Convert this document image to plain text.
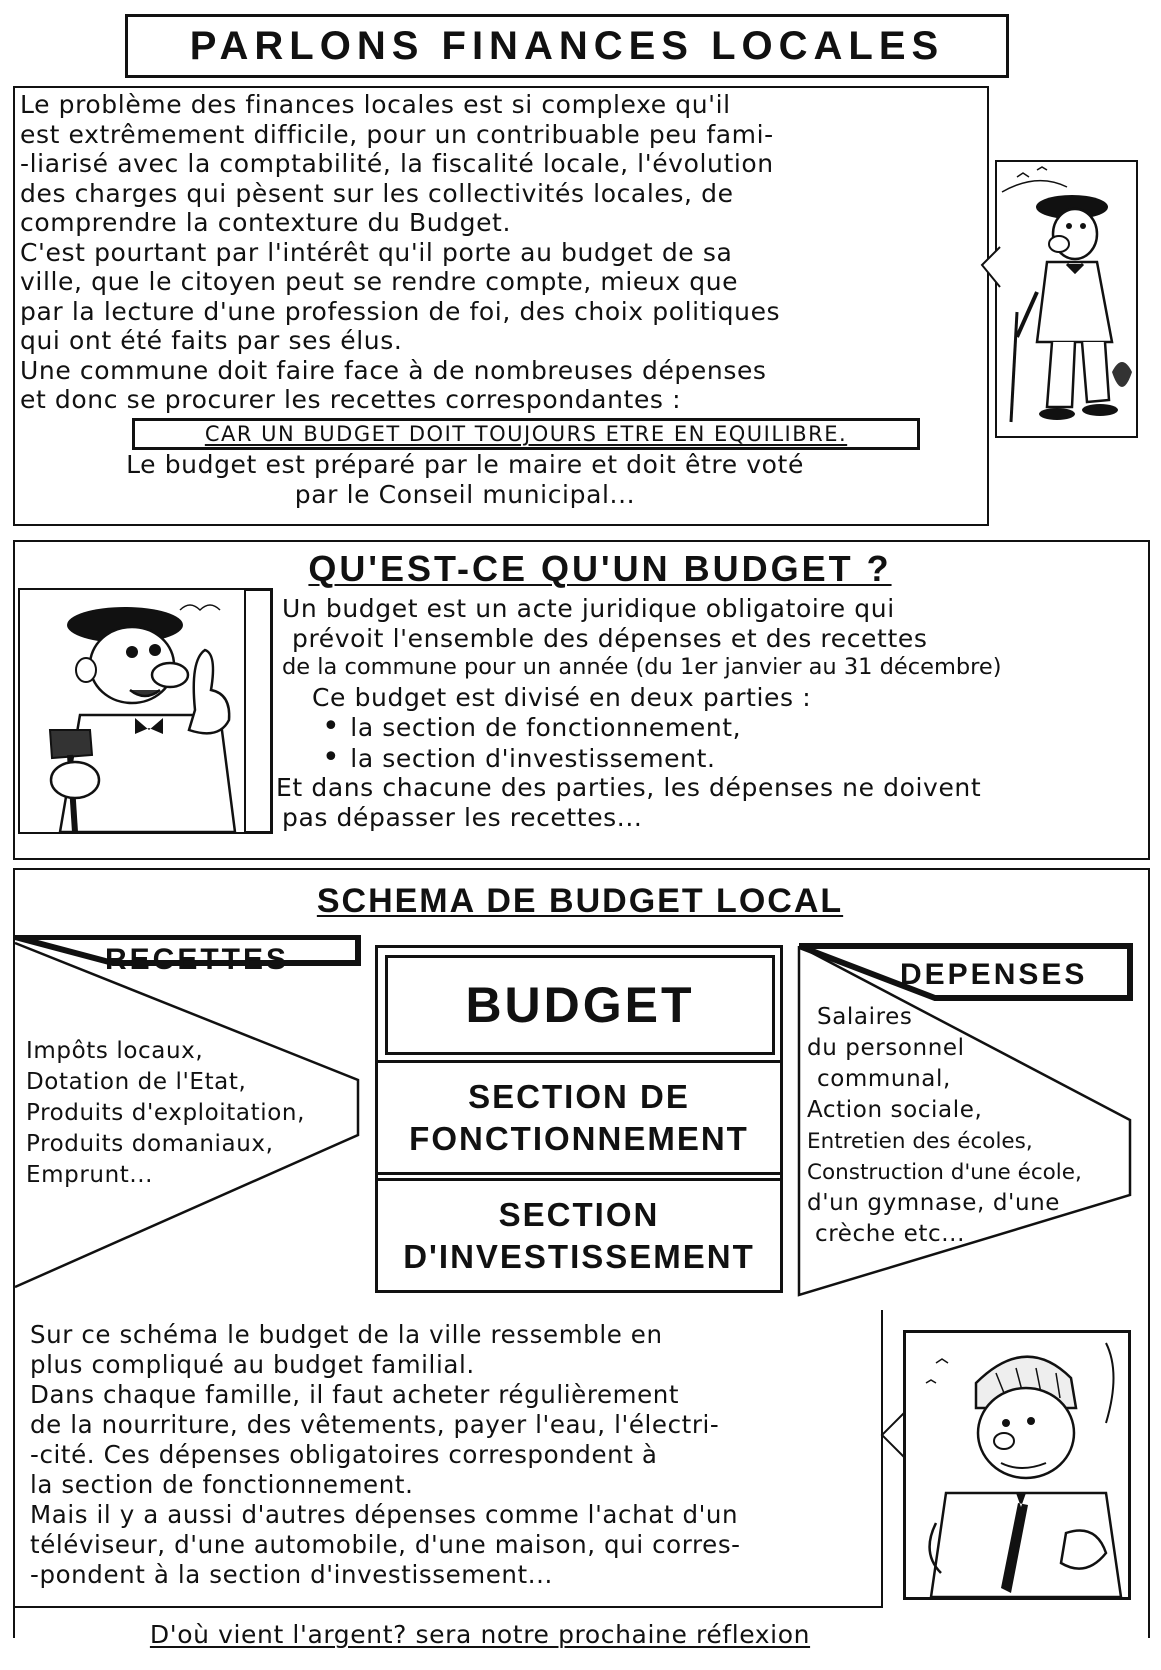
PARLONS FINANCES LOCALES
Le problème des finances locales est si complexe qu'il
est extrêmement difficile, pour un contribuable peu fami-
-liarisé avec la comptabilité, la fiscalité locale, l'évolution
des charges qui pèsent sur les collectivités locales, de
comprendre la contexture du Budget.
C'est pourtant par l'intérêt qu'il porte au budget de sa
ville, que le citoyen peut se rendre compte, mieux que
par la lecture d'une profession de foi, des choix politiques
qui ont été faits par ses élus.
Une commune doit faire face à de nombreuses dépenses
et donc se procurer les recettes correspondantes :
CAR UN BUDGET DOIT TOUJOURS ETRE EN EQUILIBRE.
Le budget est préparé par le maire et doit être voté
par le Conseil municipal...
QU'EST-CE QU'UN BUDGET ?
Un budget est un acte juridique obligatoire qui
prévoit l'ensemble des dépenses et des recettes
de la commune pour un année (du 1er janvier au 31 décembre)
Ce budget est divisé en deux parties :
• la section de fonctionnement,
• la section d'investissement.
Et dans chacune des parties, les dépenses ne doivent
pas dépasser les recettes...
SCHEMA DE BUDGET LOCAL
RECETTES
Impôts locaux,
Dotation de l'Etat,
Produits d'exploitation,
Produits domaniaux,
Emprunt...
BUDGET
SECTION DE
FONCTIONNEMENT
SECTION
D'INVESTISSEMENT
DEPENSES
Salaires
du personnel
communal,
Action sociale,
Entretien des écoles,
Construction d'une école,
d'un gymnase, d'une
crèche etc...
Sur ce schéma le budget de la ville ressemble en
plus compliqué au budget familial.
Dans chaque famille, il faut acheter régulièrement
de la nourriture, des vêtements, payer l'eau, l'électri-
-cité. Ces dépenses obligatoires correspondent à
la section de fonctionnement.
Mais il y a aussi d'autres dépenses comme l'achat d'un
téléviseur, d'une automobile, d'une maison, qui corres-
-pondent à la section d'investissement...
D'où vient l'argent? sera notre prochaine réflexion
